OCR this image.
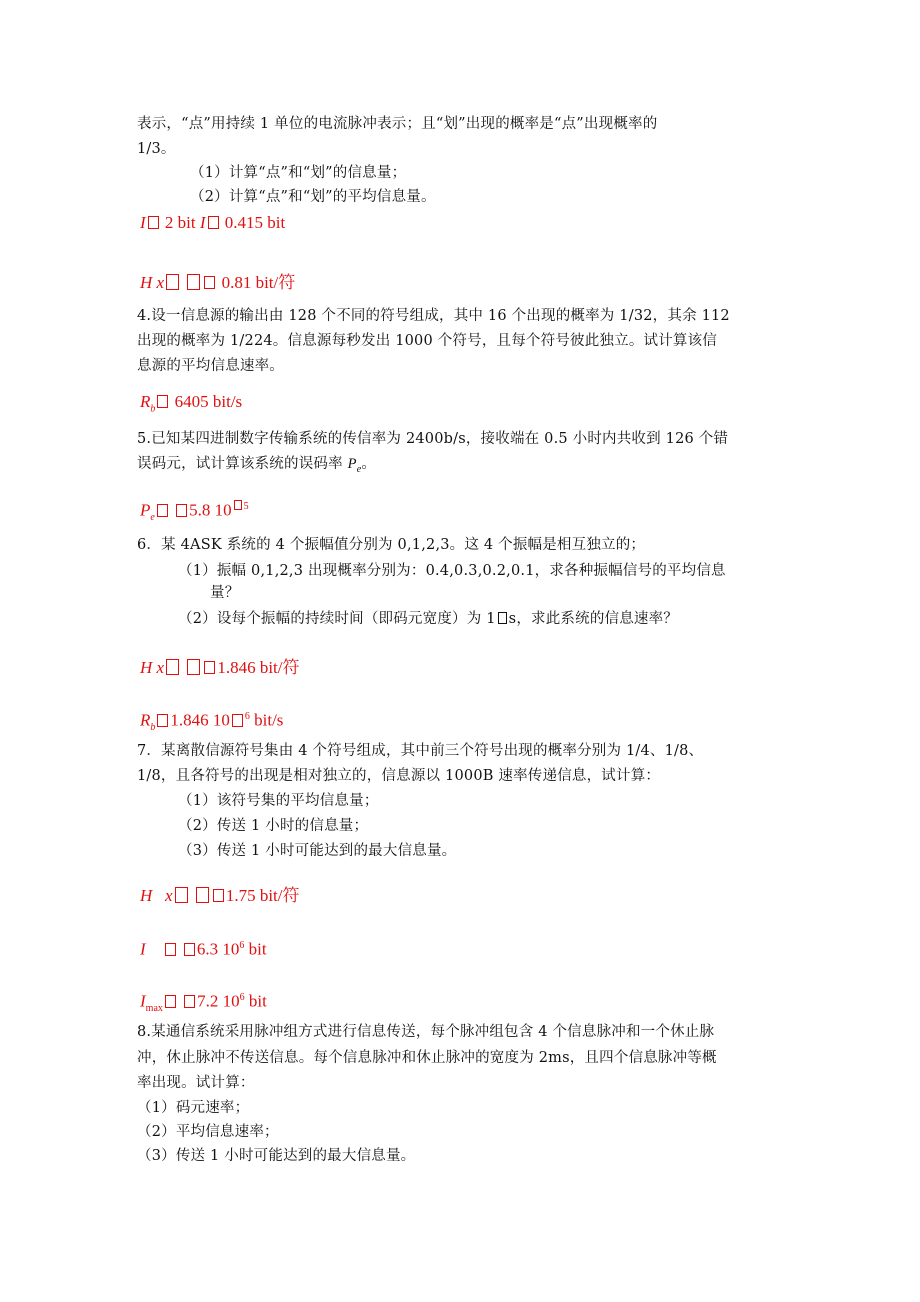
表示，“点”用持续 1 单位的电流脉冲表示；且“划”出现的概率是“点”出现概率的
1/3。
（1）计算“点”和“划”的信息量；
（2）计算“点”和“划”的平均信息量。
I 2 bit I 0.415 bit
H x	0.81 bit/符
4.设一信息源的输出由 128 个不同的符号组成，其中 16 个出现的概率为 1/32，其余 112
出现的概率为 1/224。信息源每秒发出 1000 个符号，且每个符号彼此独立。试计算该信
息源的平均信息速率。
$R_b$ 6405 bit/s
5.已知某四进制数字传输系统的传信率为 2400b/s，接收端在 0.5 小时内共收到 126 个错
误码元，试计算该系统的误码率 $P_e$。
$P_e$ 5.8 10 $^5$
6．某 4ASK 系统的 4 个振幅值分别为 0,1,2,3。这 4 个振幅是相互独立的；
（1）振幅 0,1,2,3 出现概率分别为：0.4,0.3,0.2,0.1，求各种振幅信号的平均信息
量？
（2）设每个振幅的持续时间（即码元宽度）为 1 s，求此系统的信息速率？
H x	1.846 bit/符
$R_b$ 1.846 10 $^6$ bit/s
7．某离散信源符号集由 4 个符号组成，其中前三个符号出现的概率分别为 1/4、1/8、
1/8，且各符号的出现是相对独立的，信息源以 1000B 速率传递信息，试计算：
（1）该符号集的平均信息量；
（2）传送 1 小时的信息量；
（3）传送 1 小时可能达到的最大信息量。
H x	1.75 bit/符
I	6.3 $10^6$ bit
$I_{max}$ 7.2 $10^6$ bit
8.某通信系统采用脉冲组方式进行信息传送，每个脉冲组包含 4 个信息脉冲和一个休止脉
冲，休止脉冲不传送信息。每个信息脉冲和休止脉冲的宽度为 2ms，且四个信息脉冲等概
率出现。试计算：
（1）码元速率；
（2）平均信息速率；
（3）传送 1 小时可能达到的最大信息量。
